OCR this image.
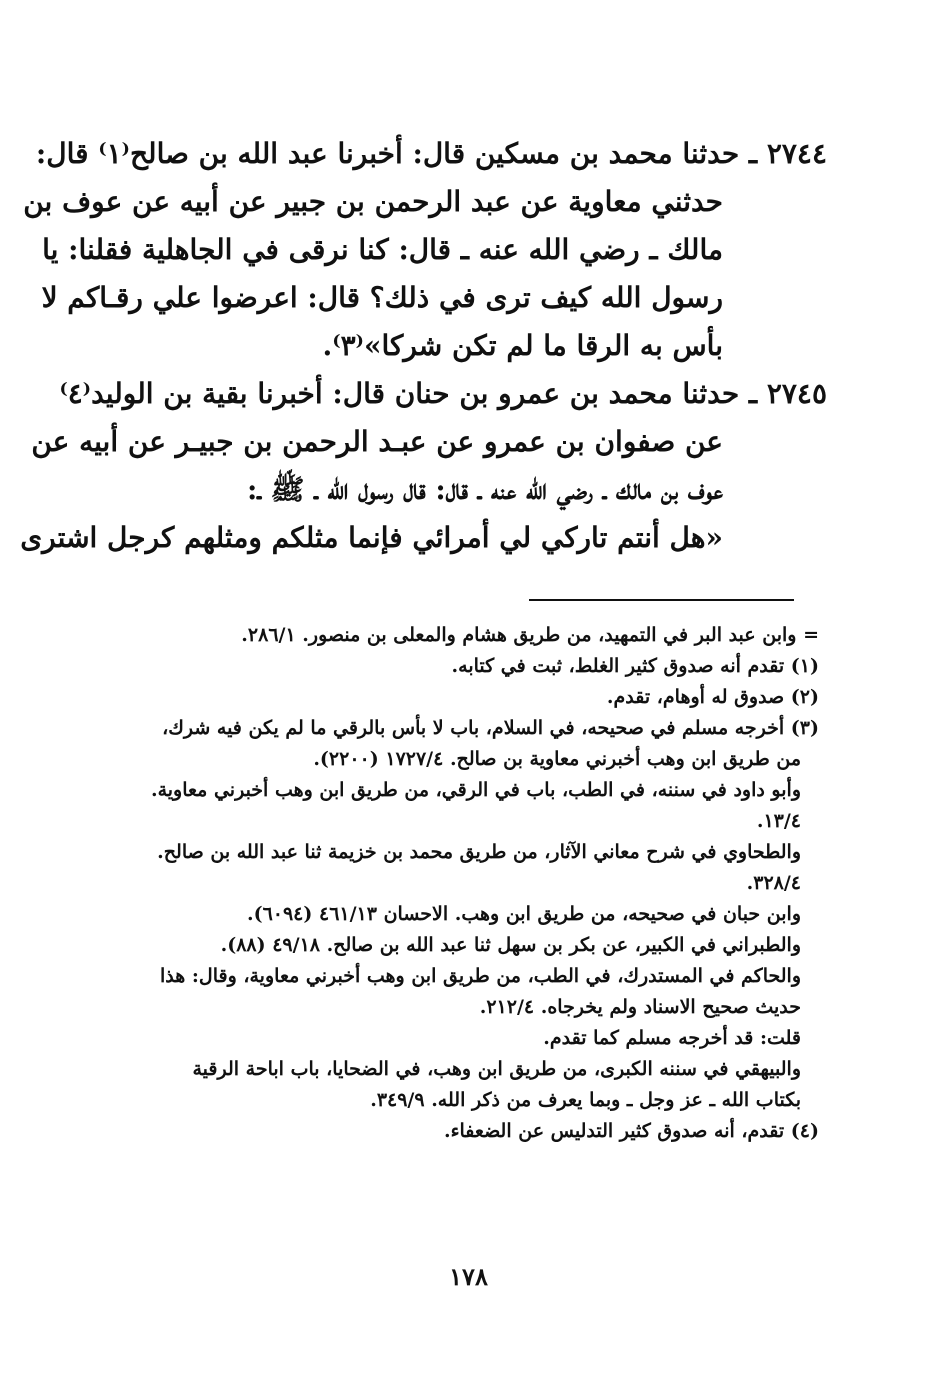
٢٧٤٤ ـ حدثنا محمد بن مسكين قال: أخبرنا عبد الله بن صالح⁽١⁾ قال:
حدثني معاوية عن عبد الرحمن بن جبير عن أبيه عن عوف بن
مالك ـ رضي الله عنه ـ قال: كنا نرقى في الجاهلية فقلنا: يا
رسول الله كيف ترى في ذلك؟ قال: اعرضوا علي رقـاكم لا
بأس به الرقا ما لم تكن شركا»⁽٣⁾.
٢٧٤٥ ـ حدثنا محمد بن عمرو بن حنان قال: أخبرنا بقية بن الوليد⁽٤⁾
عن صفوان بن عمرو عن عبـد الرحمن بن جبيـر عن أبيه عن
عوف بن مالك ـ رضي الله عنه ـ قال: قال رسول الله ـ ﷺ ـ:
«هل أنتم تاركي لي أمرائي فإنما مثلكم ومثلهم كرجل اشترى
= وابن عبد البر في التمهيد، من طريق هشام والمعلى بن منصور. ٢٨٦/١.
(١) تقدم أنه صدوق كثير الغلط، ثبت في كتابه.
(٢) صدوق له أوهام، تقدم.
(٣) أخرجه مسلم في صحيحه، في السلام، باب لا بأس بالرقي ما لم يكن فيه شرك،
من طريق ابن وهب أخبرني معاوية بن صالح. ١٧٢٧/٤ (٢٢٠٠).
وأبو داود في سننه، في الطب، باب في الرقي، من طريق ابن وهب أخبرني معاوية.
١٣/٤.
والطحاوي في شرح معاني الآثار، من طريق محمد بن خزيمة ثنا عبد الله بن صالح.
٣٢٨/٤.
وابن حبان في صحيحه، من طريق ابن وهب. الاحسان ٤٦١/١٣ (٦٠٩٤).
والطبراني في الكبير، عن بكر بن سهل ثنا عبد الله بن صالح. ٤٩/١٨ (٨٨).
والحاكم في المستدرك، في الطب، من طريق ابن وهب أخبرني معاوية، وقال: هذا
حديث صحيح الاسناد ولم يخرجاه. ٢١٢/٤.
قلت: قد أخرجه مسلم كما تقدم.
والبيهقي في سننه الكبرى، من طريق ابن وهب، في الضحايا، باب اباحة الرقية
بكتاب الله ـ عز وجل ـ وبما يعرف من ذكر الله. ٣٤٩/٩.
(٤) تقدم، أنه صدوق كثير التدليس عن الضعفاء.
١٧٨
